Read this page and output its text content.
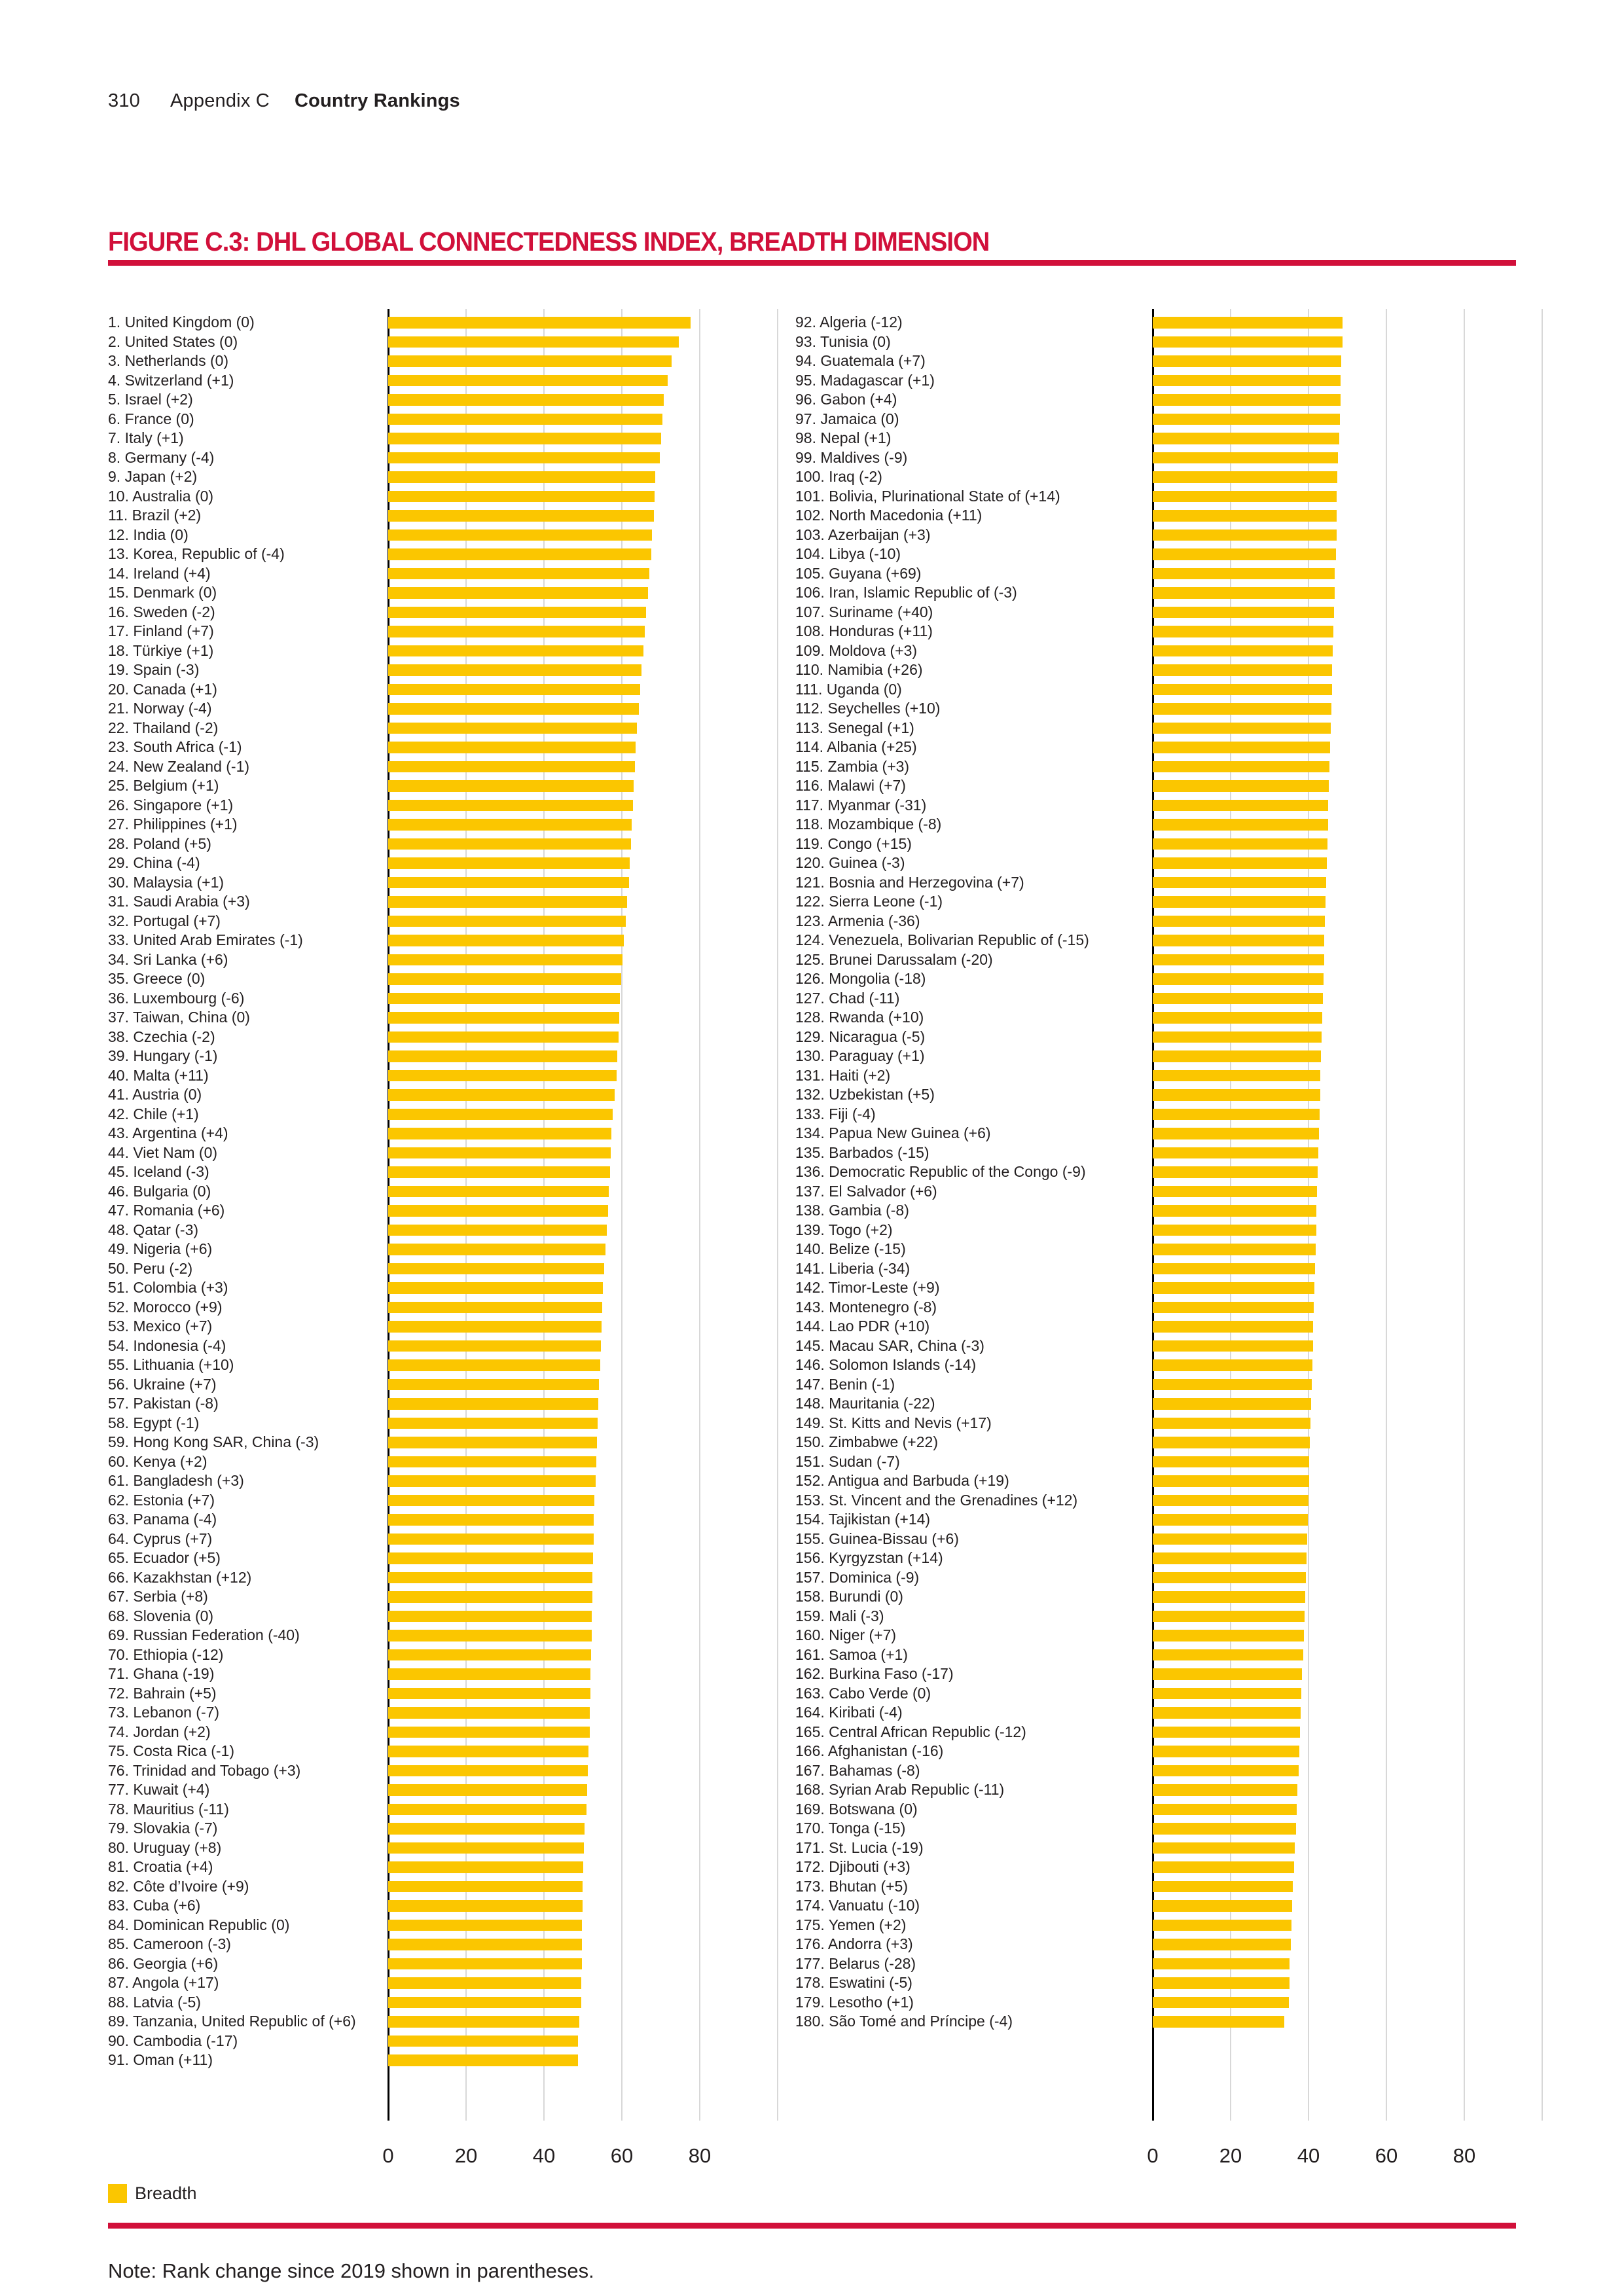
310 Appendix C Country Rankings
FIGURE C.3: DHL GLOBAL CONNECTEDNESS INDEX, BREADTH DIMENSION
1. United Kingdom (0)
2. United States (0)
3. Netherlands (0)
4. Switzerland (+1)
5. Israel (+2)
6. France (0)
7. Italy (+1)
8. Germany (-4)
9. Japan (+2)
10. Australia (0)
11. Brazil (+2)
12. India (0)
13. Korea, Republic of (-4)
14. Ireland (+4)
15. Denmark (0)
16. Sweden (-2)
17. Finland (+7)
18. Türkiye (+1)
19. Spain (-3)
20. Canada (+1)
21. Norway (-4)
22. Thailand (-2)
23. South Africa (-1)
24. New Zealand (-1)
25. Belgium (+1)
26. Singapore (+1)
27. Philippines (+1)
28. Poland (+5)
29. China (-4)
30. Malaysia (+1)
31. Saudi Arabia (+3)
32. Portugal (+7)
33. United Arab Emirates (-1)
34. Sri Lanka (+6)
35. Greece (0)
36. Luxembourg (-6)
37. Taiwan, China (0)
38. Czechia (-2)
39. Hungary (-1)
40. Malta (+11)
41. Austria (0)
42. Chile (+1)
43. Argentina (+4)
44. Viet Nam (0)
45. Iceland (-3)
46. Bulgaria (0)
47. Romania (+6)
48. Qatar (-3)
49. Nigeria (+6)
50. Peru (-2)
51. Colombia (+3)
52. Morocco (+9)
53. Mexico (+7)
54. Indonesia (-4)
55. Lithuania (+10)
56. Ukraine (+7)
57. Pakistan (-8)
58. Egypt (-1)
59. Hong Kong SAR, China (-3)
60. Kenya (+2)
61. Bangladesh (+3)
62. Estonia (+7)
63. Panama (-4)
64. Cyprus (+7)
65. Ecuador (+5)
66. Kazakhstan (+12)
67. Serbia (+8)
68. Slovenia (0)
69. Russian Federation (-40)
70. Ethiopia (-12)
71. Ghana (-19)
72. Bahrain (+5)
73. Lebanon (-7)
74. Jordan (+2)
75. Costa Rica (-1)
76. Trinidad and Tobago (+3)
77. Kuwait (+4)
78. Mauritius (-11)
79. Slovakia (-7)
80. Uruguay (+8)
81. Croatia (+4)
82. Côte d’Ivoire (+9)
83. Cuba (+6)
84. Dominican Republic (0)
85. Cameroon (-3)
86. Georgia (+6)
87. Angola (+17)
88. Latvia (-5)
89. Tanzania, United Republic of (+6)
90. Cambodia (-17)
91. Oman (+11)
0	20	40	60	80
92. Algeria (-12)
93. Tunisia (0)
94. Guatemala (+7)
95. Madagascar (+1)
96. Gabon (+4)
97. Jamaica (0)
98. Nepal (+1)
99. Maldives (-9)
100. Iraq (-2)
101. Bolivia, Plurinational State of (+14)
102. North Macedonia (+11)
103. Azerbaijan (+3)
104. Libya (-10)
105. Guyana (+69)
106. Iran, Islamic Republic of (-3)
107. Suriname (+40)
108. Honduras (+11)
109. Moldova (+3)
110. Namibia (+26)
111. Uganda (0)
112. Seychelles (+10)
113. Senegal (+1)
114. Albania (+25)
115. Zambia (+3)
116. Malawi (+7)
117. Myanmar (-31)
118. Mozambique (-8)
119. Congo (+15)
120. Guinea (-3)
121. Bosnia and Herzegovina (+7)
122. Sierra Leone (-1)
123. Armenia (-36)
124. Venezuela, Bolivarian Republic of (-15)
125. Brunei Darussalam (-20)
126. Mongolia (-18)
127. Chad (-11)
128. Rwanda (+10)
129. Nicaragua (-5)
130. Paraguay (+1)
131. Haiti (+2)
132. Uzbekistan (+5)
133. Fiji (-4)
134. Papua New Guinea (+6)
135. Barbados (-15)
136. Democratic Republic of the Congo (-9)
137. El Salvador (+6)
138. Gambia (-8)
139. Togo (+2)
140. Belize (-15)
141. Liberia (-34)
142. Timor-Leste (+9)
143. Montenegro (-8)
144. Lao PDR (+10)
145. Macau SAR, China (-3)
146. Solomon Islands (-14)
147. Benin (-1)
148. Mauritania (-22)
149. St. Kitts and Nevis (+17)
150. Zimbabwe (+22)
151. Sudan (-7)
152. Antigua and Barbuda (+19)
153. St. Vincent and the Grenadines (+12)
154. Tajikistan (+14)
155. Guinea-Bissau (+6)
156. Kyrgyzstan (+14)
157. Dominica (-9)
158. Burundi (0)
159. Mali (-3)
160. Niger (+7)
161. Samoa (+1)
162. Burkina Faso (-17)
163. Cabo Verde (0)
164. Kiribati (-4)
165. Central African Republic (-12)
166. Afghanistan (-16)
167. Bahamas (-8)
168. Syrian Arab Republic (-11)
169. Botswana (0)
170. Tonga (-15)
171. St. Lucia (-19)
172. Djibouti (+3)
173. Bhutan (+5)
174. Vanuatu (-10)
175. Yemen (+2)
176. Andorra (+3)
177. Belarus (-28)
178. Eswatini (-5)
179. Lesotho (+1)
180. São Tomé and Príncipe (-4)
0	20	40	60	80
Breadth
Note: Rank change since 2019 shown in parentheses.
